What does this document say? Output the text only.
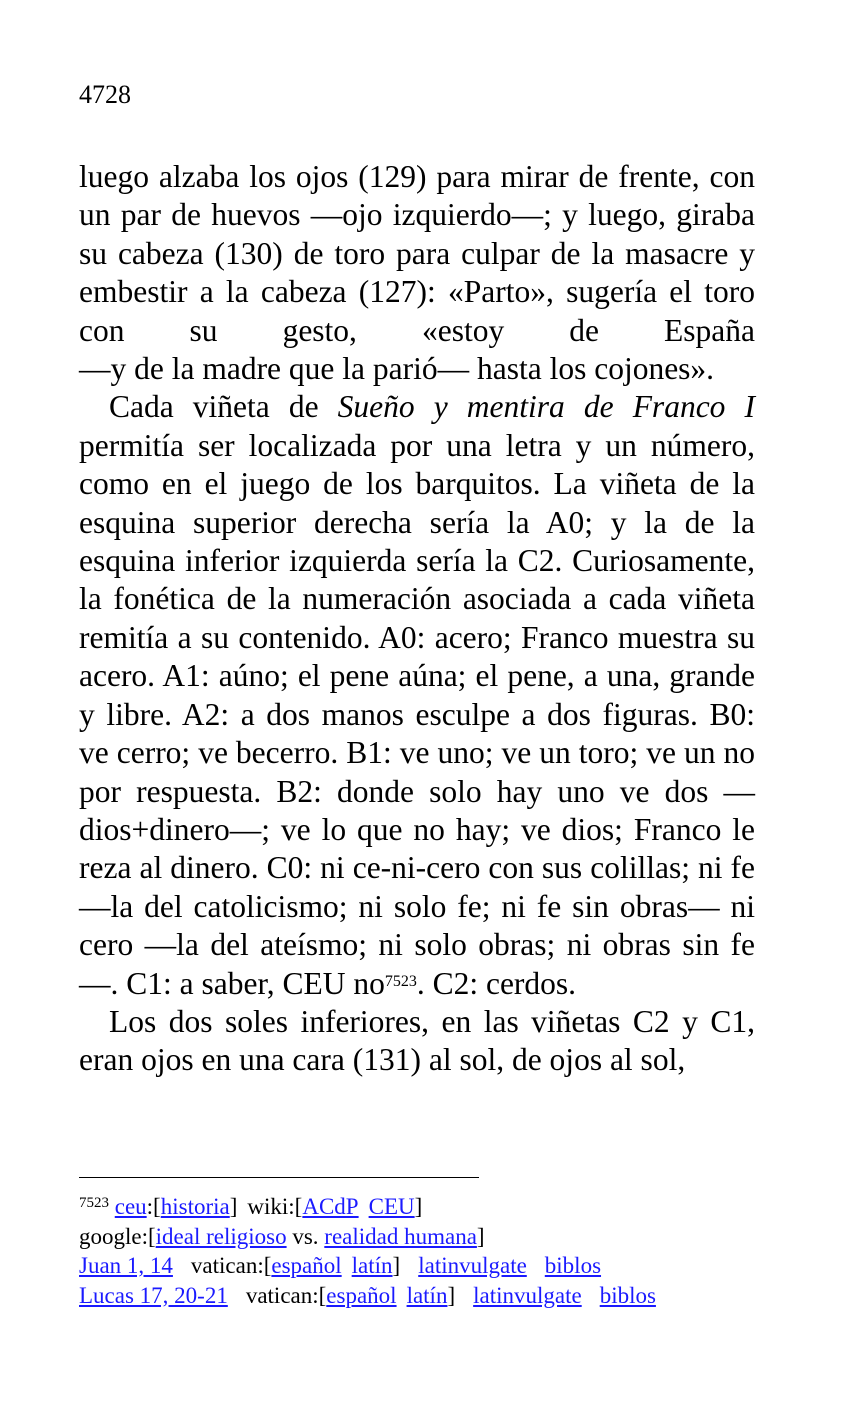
4728

luego alzaba los ojos (129) para mirar de frente, con un par de huevos —ojo izquierdo—; y luego, giraba su cabeza (130) de toro para culpar de la masacre y embestir a la cabeza (127): «Parto», sugería el toro con su gesto, «estoy de España —y de la madre que la parió— hasta los cojones».

Cada viñeta de Sueño y mentira de Franco I permitía ser localizada por una letra y un número, como en el juego de los barquitos. La viñeta de la esquina superior derecha sería la A0; y la de la esquina inferior izquierda sería la C2. Curiosamente, la fonética de la numeración asociada a cada viñeta remitía a su contenido. A0: acero; Franco muestra su acero. A1: aúno; el pene aúna; el pene, a una, grande y libre. A2: a dos manos esculpe a dos figuras. B0: ve cerro; ve becerro. B1: ve uno; ve un toro; ve un no por respuesta. B2: donde solo hay uno ve dos —dios+dinero—; ve lo que no hay; ve dios; Franco le reza al dinero. C0: ni ce-ni-cero con sus colillas; ni fe —la del catolicismo; ni solo fe; ni fe sin obras— ni cero —la del ateísmo; ni solo obras; ni obras sin fe—. C1: a saber, CEU $no^{7523}$. C2: cerdos.

Los dos soles inferiores, en las viñetas C2 y C1, eran ojos en una cara (131) al sol, de ojos al sol,

$^{7523}$ ceu:[historia] wiki:[ACdP CEU]
google:[ideal religioso vs. realidad humana]
Juan 1, 14 vatican:[español latín] latinvulgate biblos
Lucas 17, 20-21 vatican:[español latín] latinvulgate biblos
